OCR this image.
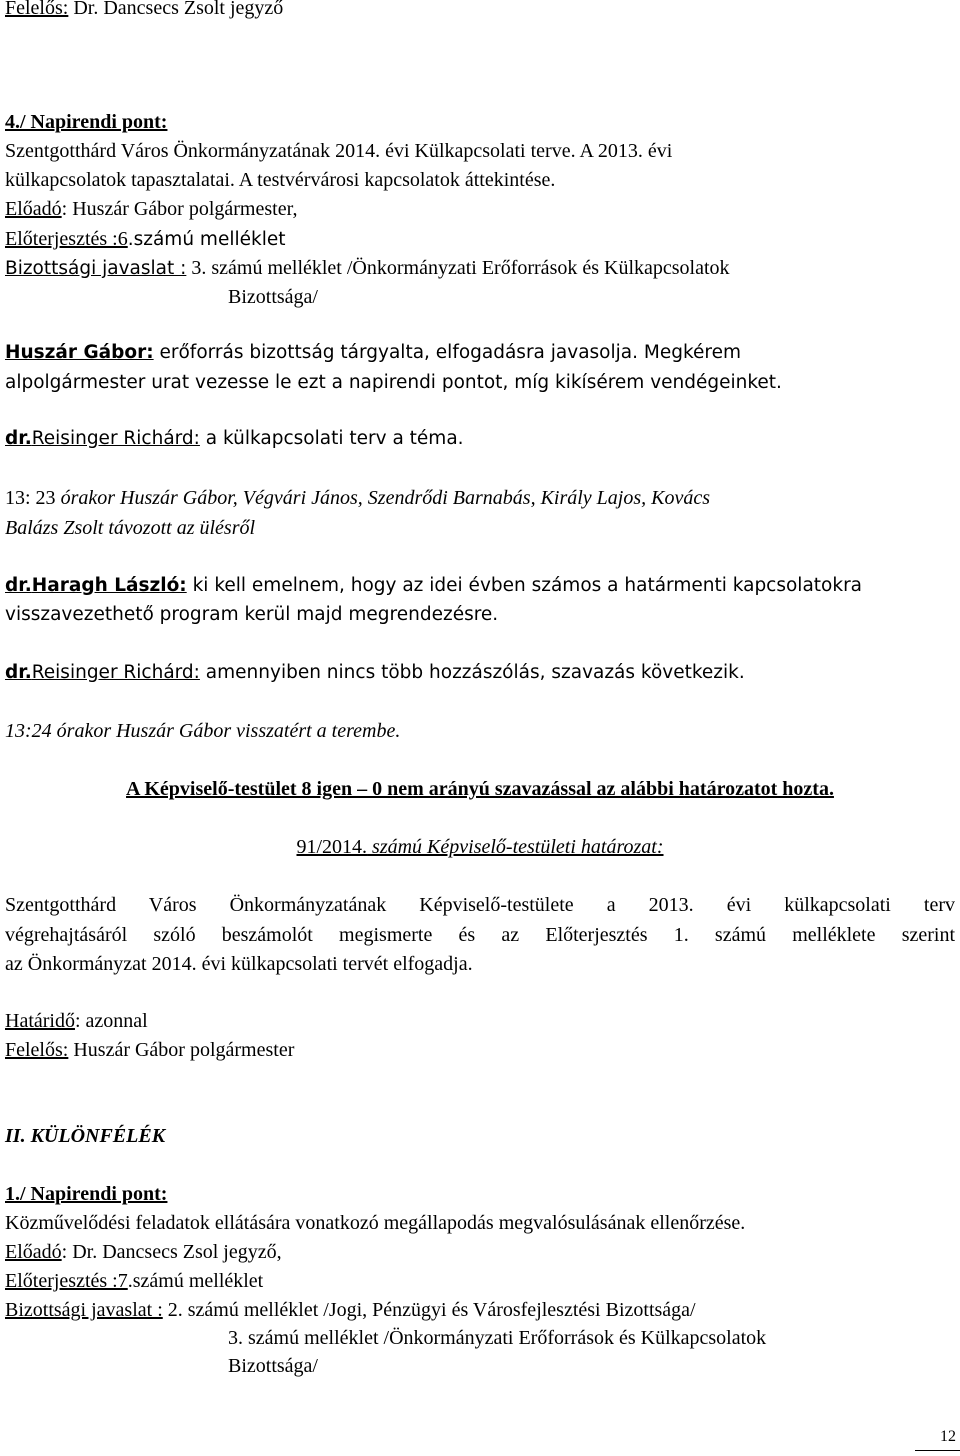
Felelős: Dr. Dancsecs Zsolt jegyző
4./ Napirendi pont:
Szentgotthárd Város Önkormányzatának 2014. évi Külkapcsolati terve. A 2013. évi
külkapcsolatok tapasztalatai. A testvérvárosi kapcsolatok áttekintése.
Előadó: Huszár Gábor polgármester,
Előterjesztés :6.számú melléklet
Bizottsági javaslat : 3. számú melléklet /Önkormányzati Erőforrások és Külkapcsolatok
Bizottsága/
Huszár Gábor: erőforrás bizottság tárgyalta, elfogadásra javasolja. Megkérem
alpolgármester urat vezesse le ezt a napirendi pontot, míg kikísérem vendégeinket.
dr.Reisinger Richárd: a külkapcsolati terv a téma.
13: 23 órakor Huszár Gábor, Végvári János, Szendrődi Barnabás, Király Lajos, Kovács
Balázs Zsolt távozott az ülésről
dr.Haragh László: ki kell emelnem, hogy az idei évben számos a határmenti kapcsolatokra
visszavezethető program kerül majd megrendezésre.
dr.Reisinger Richárd: amennyiben nincs több hozzászólás, szavazás következik.
13:24 órakor Huszár Gábor visszatért a terembe.
A Képviselő-testület 8 igen – 0 nem arányú szavazással az alábbi határozatot hozta.
91/2014. számú Képviselő-testületi határozat:
Szentgotthárd Város Önkormányzatának Képviselő-testülete a 2013. évi külkapcsolati terv
végrehajtásáról szóló beszámolót megismerte és az Előterjesztés 1. számú melléklete szerint
az Önkormányzat 2014. évi külkapcsolati tervét elfogadja.
Határidő: azonnal
Felelős: Huszár Gábor polgármester
II. KÜLÖNFÉLÉK
1./ Napirendi pont:
Közművelődési feladatok ellátására vonatkozó megállapodás megvalósulásának ellenőrzése.
Előadó: Dr. Dancsecs Zsol jegyző,
Előterjesztés :7.számú melléklet
Bizottsági javaslat : 2. számú melléklet /Jogi, Pénzügyi és Városfejlesztési Bizottsága/
3. számú melléklet /Önkormányzati Erőforrások és Külkapcsolatok
Bizottsága/
12
